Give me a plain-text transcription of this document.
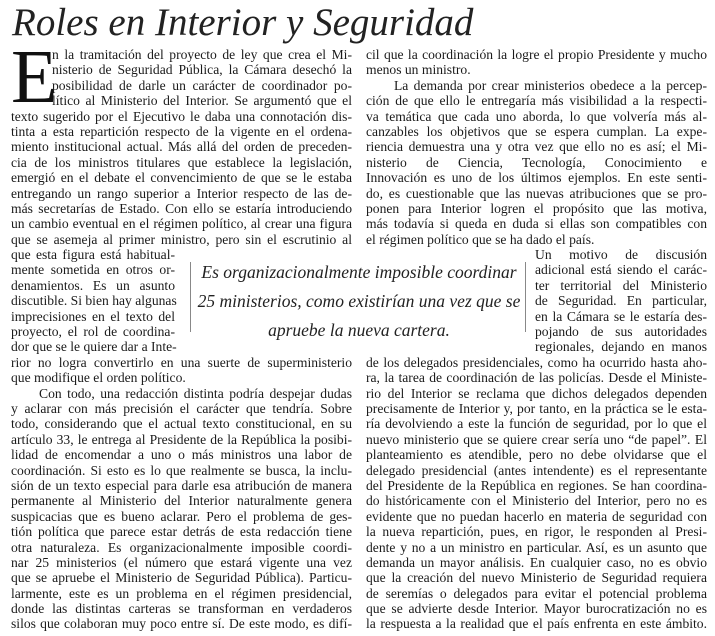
Roles en Interior y Seguridad
E
n la tramitación del proyecto de ley que crea el Mi-
nisterio de Seguridad Pública, la Cámara desechó la
posibilidad de darle un carácter de coordinador po-
lítico al Ministerio del Interior. Se argumentó que el
texto sugerido por el Ejecutivo le daba una connotación dis-
tinta a esta repartición respecto de la vigente en el ordena-
miento institucional actual. Más allá del orden de preceden-
cia de los ministros titulares que establece la legislación,
emergió en el debate el convencimiento de que se le estaba
entregando un rango superior a Interior respecto de las de-
más secretarías de Estado. Con ello se estaría introduciendo
un cambio eventual en el régimen político, al crear una figura
que se asemeja al primer ministro, pero sin el escrutinio al
que esta figura está habitual-
mente sometida en otros or-
denamientos. Es un asunto
discutible. Si bien hay algunas
imprecisiones en el texto del
proyecto, el rol de coordina-
dor que se le quiere dar a Inte-
rior no logra convertirlo en una suerte de superministerio
que modifique el orden político.
Con todo, una redacción distinta podría despejar dudas
y aclarar con más precisión el carácter que tendría. Sobre
todo, considerando que el actual texto constitucional, en su
artículo 33, le entrega al Presidente de la República la posibi-
lidad de encomendar a uno o más ministros una labor de
coordinación. Si esto es lo que realmente se busca, la inclu-
sión de un texto especial para darle esa atribución de manera
permanente al Ministerio del Interior naturalmente genera
suspicacias que es bueno aclarar. Pero el problema de ges-
tión política que parece estar detrás de esta redacción tiene
otra naturaleza. Es organizacionalmente imposible coordi-
nar 25 ministerios (el número que estará vigente una vez
que se apruebe el Ministerio de Seguridad Pública). Particu-
larmente, este es un problema en el régimen presidencial,
donde las distintas carteras se transforman en verdaderos
silos que colaboran muy poco entre sí. De este modo, es difí-
cil que la coordinación la logre el propio Presidente y mucho
menos un ministro.
La demanda por crear ministerios obedece a la percep-
ción de que ello le entregaría más visibilidad a la respecti-
va temática que cada uno aborda, lo que volvería más al-
canzables los objetivos que se espera cumplan. La expe-
riencia demuestra una y otra vez que ello no es así; el Mi-
nisterio de Ciencia, Tecnología, Conocimiento e
Innovación es uno de los últimos ejemplos. En este senti-
do, es cuestionable que las nuevas atribuciones que se pro-
ponen para Interior logren el propósito que las motiva,
más todavía si queda en duda si ellas son compatibles con
el régimen político que se ha dado el país.
Un motivo de discusión
adicional está siendo el carác-
ter territorial del Ministerio
de Seguridad. En particular,
en la Cámara se le estaría des-
pojando de sus autoridades
regionales, dejando en manos
de los delegados presidenciales, como ha ocurrido hasta aho-
ra, la tarea de coordinación de las policías. Desde el Ministe-
rio del Interior se reclama que dichos delegados dependen
precisamente de Interior y, por tanto, en la práctica se le esta-
ría devolviendo a este la función de seguridad, por lo que el
nuevo ministerio que se quiere crear sería uno “de papel”. El
planteamiento es atendible, pero no debe olvidarse que el
delegado presidencial (antes intendente) es el representante
del Presidente de la República en regiones. Se han coordina-
do históricamente con el Ministerio del Interior, pero no es
evidente que no puedan hacerlo en materia de seguridad con
la nueva repartición, pues, en rigor, le responden al Presi-
dente y no a un ministro en particular. Así, es un asunto que
demanda un mayor análisis. En cualquier caso, no es obvio
que la creación del nuevo Ministerio de Seguridad requiera
de seremías o delegados para evitar el potencial problema
que se advierte desde Interior. Mayor burocratización no es
la respuesta a la realidad que el país enfrenta en este ámbito.
Es organizacionalmente imposible coordinar
25 ministerios, como existirían una vez que se
apruebe la nueva cartera.
